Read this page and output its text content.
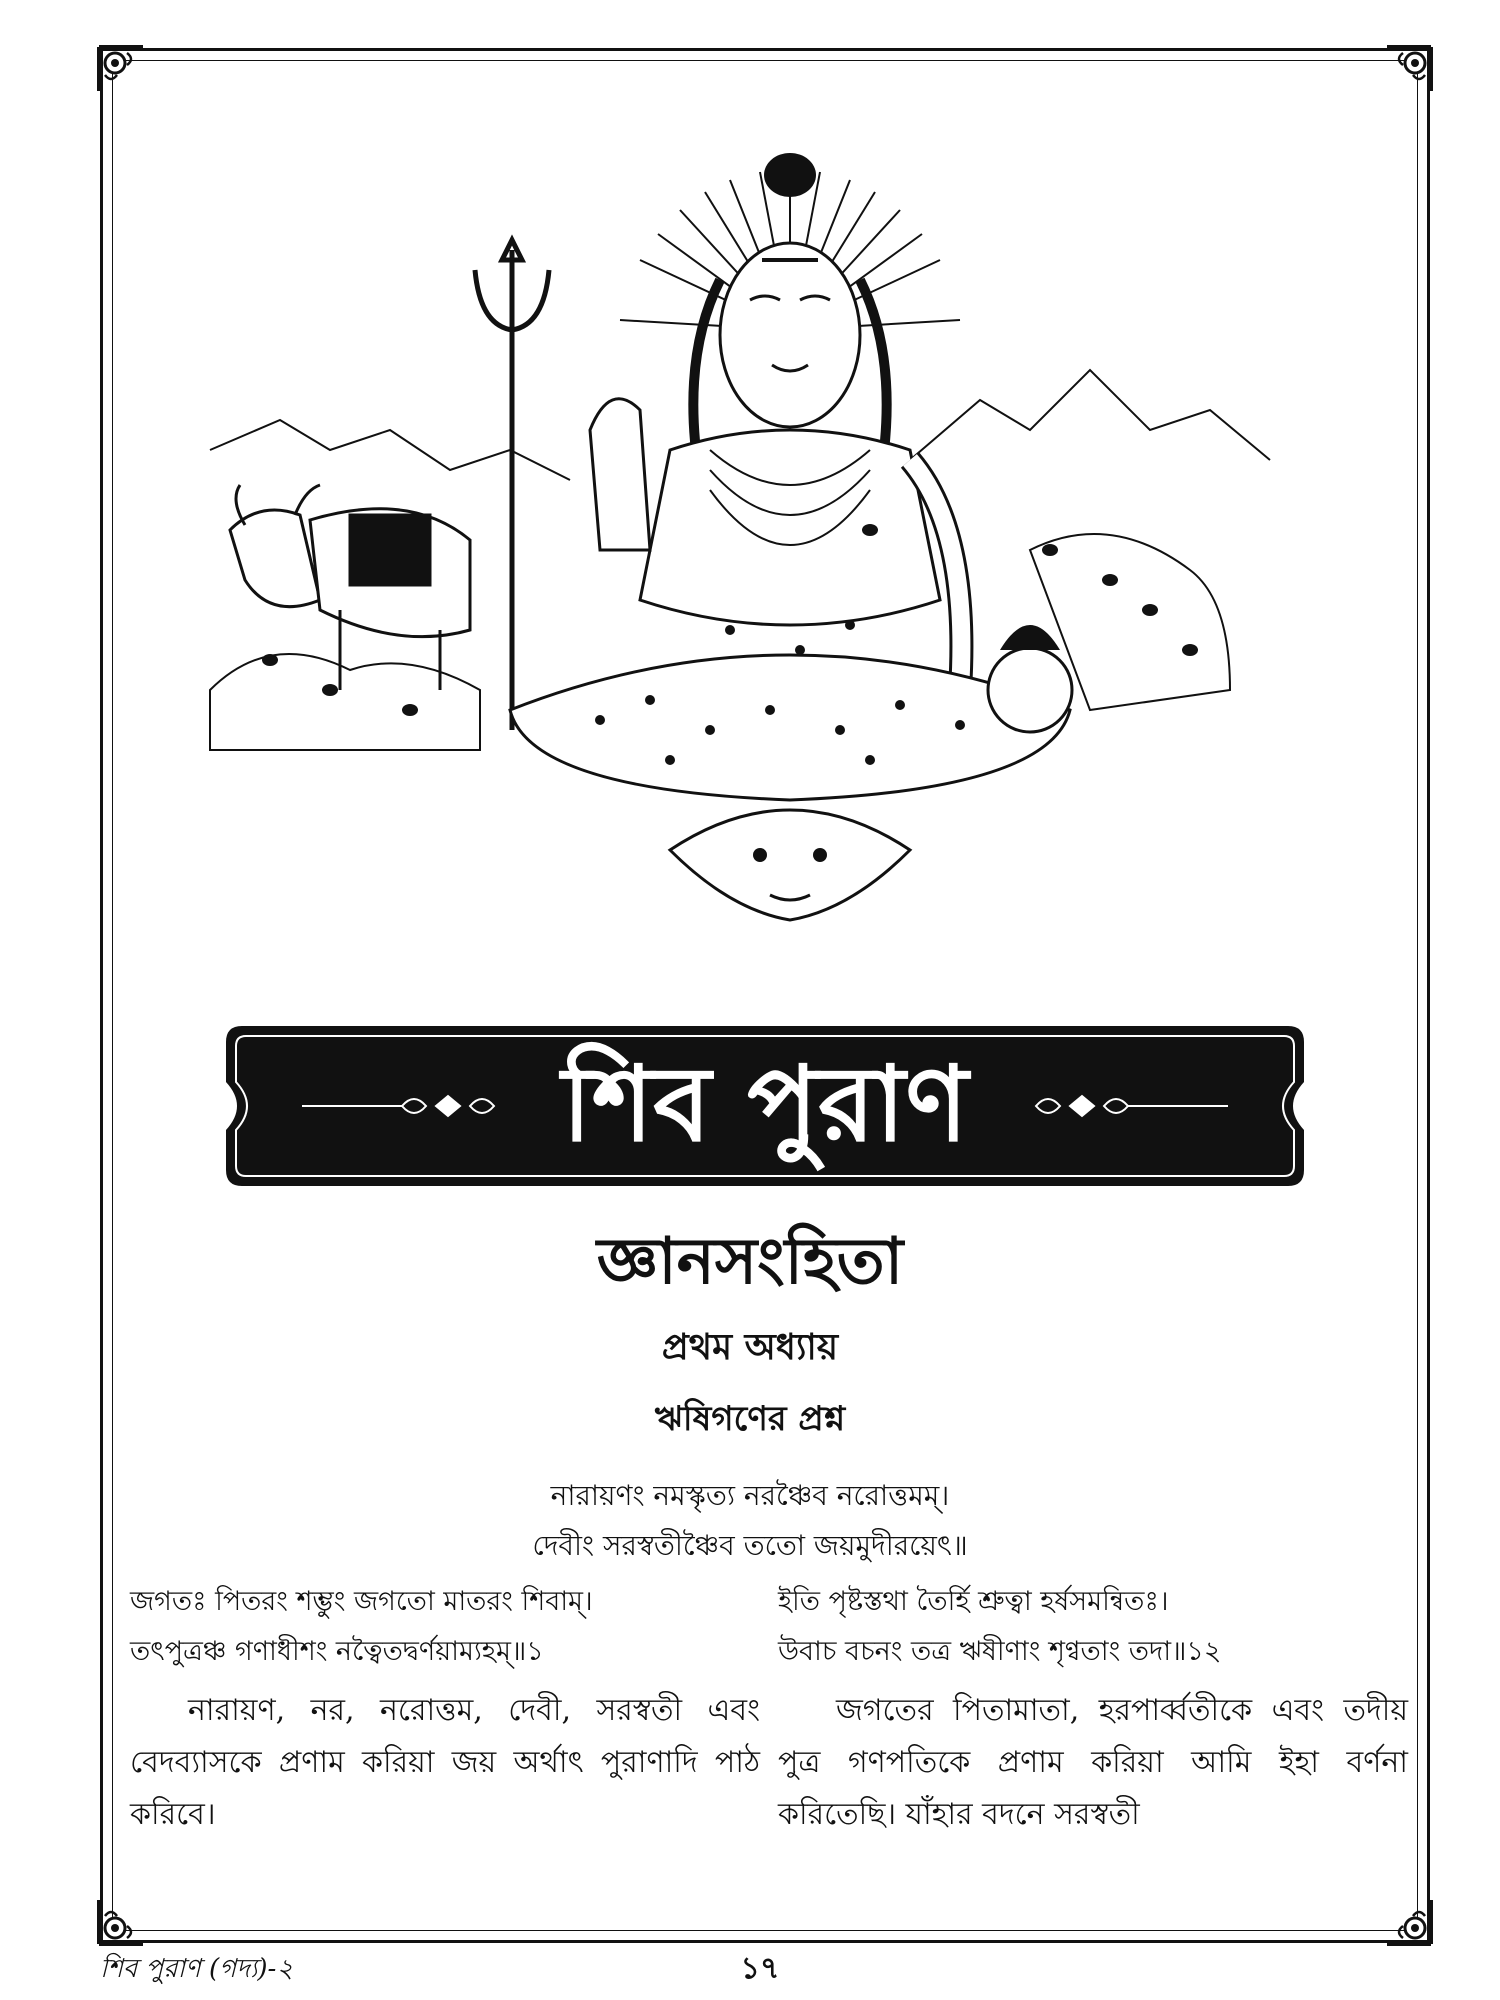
শিব পুরাণ
জ্ঞানসংহিতা
প্রথম অধ্যায়
ঋষিগণের প্রশ্ন
নারায়ণং নমস্কৃত্য নরঞ্চৈব নরোত্তমম্।
দেবীং সরস্বতীঞ্চৈব ততো জয়মুদীরয়েৎ॥

জগতঃ পিতরং শম্ভুং জগতো মাতরং শিবাম্।

তৎপুত্রঞ্চ গণাধীশং নত্বৈতদ্বর্ণয়াম্যহম্॥১

নারায়ণ, নর, নরোত্তম, দেবী, সরস্বতী এবং বেদব্যাসকে প্রণাম করিয়া জয় অর্থাৎ পুরাণাদি পাঠ করিবে।

ইতি পৃষ্টস্তথা তৈর্হি শ্রুত্বা হর্ষসমন্বিতঃ।

উবাচ বচনং তত্র ঋষীণাং শৃণ্বতাং তদা॥১২

জগতের পিতামাতা, হরপার্ব্বতীকে এবং তদীয় পুত্র গণপতিকে প্রণাম করিয়া আমি ইহা বর্ণনা করিতেছি। যাঁহার বদনে সরস্বতী

শিব পুরাণ (গদ্য)-২	১৭
